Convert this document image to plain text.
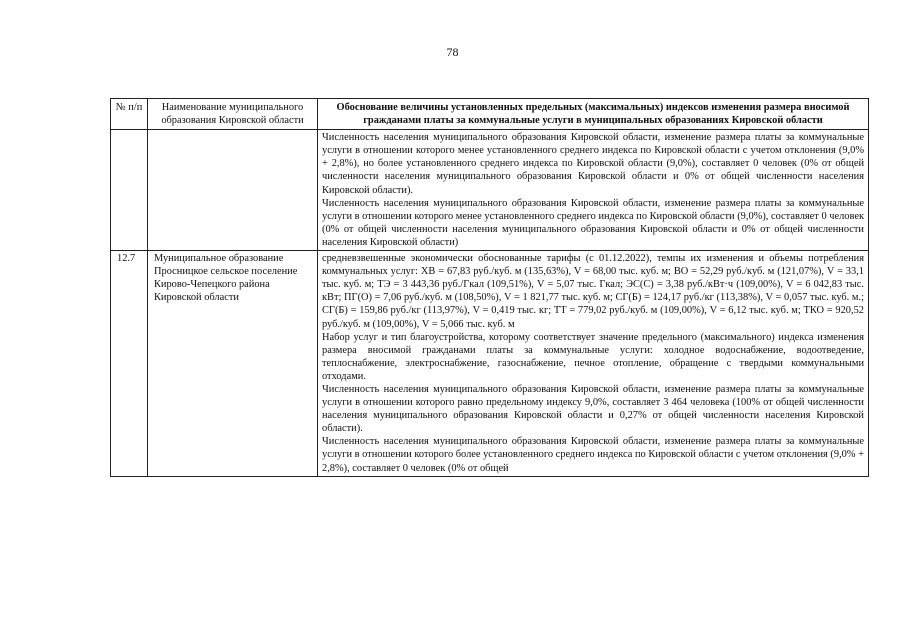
78
№ п/п	Наименование муниципального образования Кировской области	Обоснование величины установленных предельных (максимальных) индексов изменения размера вносимой гражданами платы за коммунальные услуги в муниципальных образованиях Кировской области

		Численность населения муниципального образования Кировской области, изменение размера платы за коммунальные услуги в отношении которого менее установленного среднего индекса по Кировской области с учетом отклонения (9,0% + 2,8%), но более установленного среднего индекса по Кировской области (9,0%), составляет 0 человек (0% от общей численности населения муниципального образования Кировской области и 0% от общей численности населения Кировской области).

Численность населения муниципального образования Кировской области, изменение размера платы за коммунальные услуги в отношении которого менее установленного среднего индекса по Кировской области (9,0%), составляет 0 человек (0% от общей численности населения муниципального образования Кировской области и 0% от общей численности населения Кировской области)

12.7	Муниципальное образование Просницкое сельское поселение Кирово-Чепецкого района Кировской области	средневзвешенные экономически обоснованные тарифы (с 01.12.2022), темпы их изменения и объемы потребления коммунальных услуг: ХВ = 67,83 руб./куб. м (135,63%), V = 68,00 тыс. куб. м; ВО = 52,29 руб./куб. м (121,07%), V = 33,1 тыс. куб. м; ТЭ = 3 443,36 руб./Гкал (109,51%), V = 5,07 тыс. Гкал; ЭС(С) = 3,38 руб./кВт·ч (109,00%), V = 6 042,83 тыс. кВт; ПГ(О) = 7,06 руб./куб. м (108,50%), V = 1 821,77 тыс. куб. м; СГ(Б) = 124,17 руб./кг (113,38%), V = 0,057 тыс. куб. м.; СГ(Б) = 159,86 руб./кг (113,97%), V = 0,419 тыс. кг; ТТ = 779,02 руб./куб. м (109,00%), V = 6,12 тыс. куб. м; ТКО = 920,52 руб./куб. м (109,00%), V = 5,066 тыс. куб. м

Набор услуг и тип благоустройства, которому соответствует значение предельного (максимального) индекса изменения размера вносимой гражданами платы за коммунальные услуги: холодное водоснабжение, водоотведение, теплоснабжение, электроснабжение, газоснабжение, печное отопление, обращение с твердыми коммунальными отходами.

Численность населения муниципального образования Кировской области, изменение размера платы за коммунальные услуги в отношении которого равно предельному индексу 9,0%, составляет 3 464 человека (100% от общей численности населения муниципального образования Кировской области и 0,27% от общей численности населения Кировской области).

Численность населения муниципального образования Кировской области, изменение размера платы за коммунальные услуги в отношении которого более установленного среднего индекса по Кировской области с учетом отклонения (9,0% + 2,8%), составляет 0 человек (0% от общей
